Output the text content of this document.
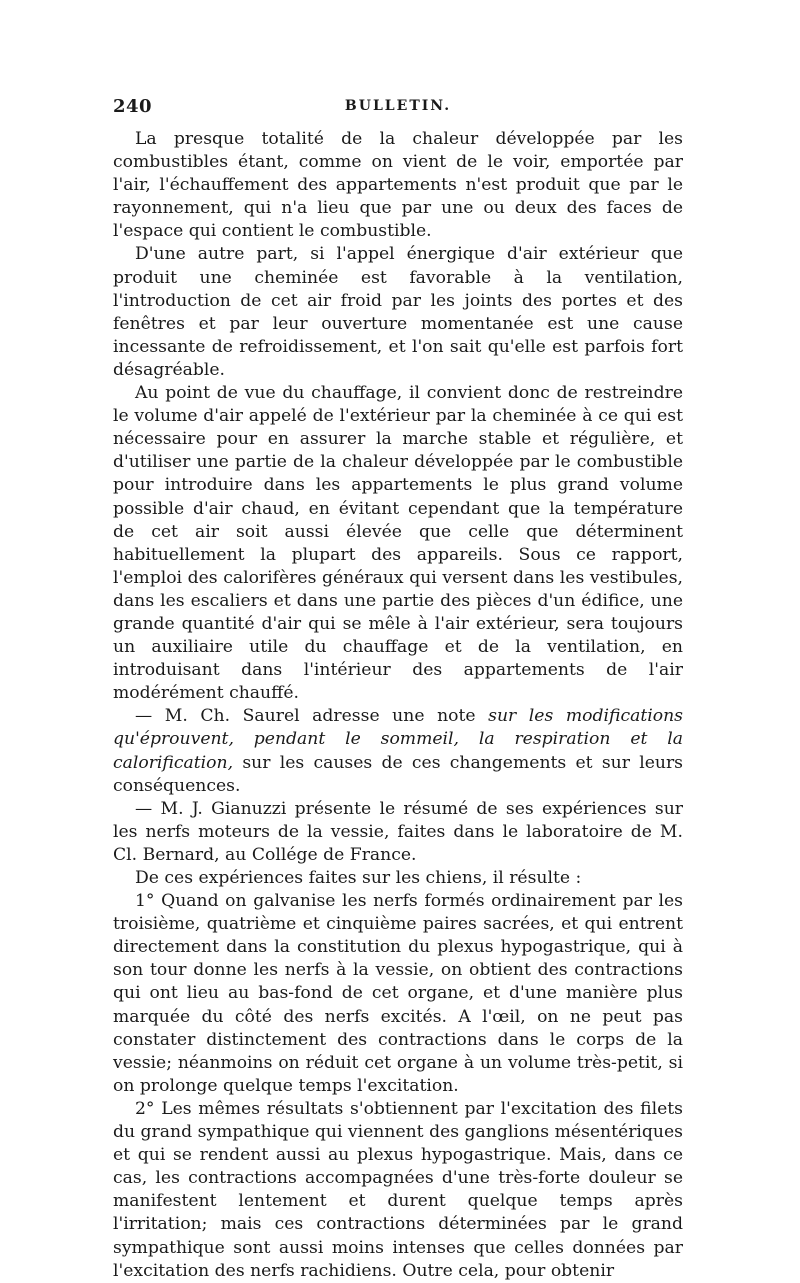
240	BULLETIN.

La presque totalité de la chaleur développée par les combustibles étant, comme on vient de le voir, emportée par l'air, l'échauffement des appartements n'est produit que par le rayonnement, qui n'a lieu que par une ou deux des faces de l'espace qui contient le combustible.

D'une autre part, si l'appel énergique d'air extérieur que produit une cheminée est favorable à la ventilation, l'introduction de cet air froid par les joints des portes et des fenêtres et par leur ouverture momentanée est une cause incessante de refroidissement, et l'on sait qu'elle est parfois fort désagréable.

Au point de vue du chauffage, il convient donc de restreindre le volume d'air appelé de l'extérieur par la cheminée à ce qui est nécessaire pour en assurer la marche stable et régulière, et d'utiliser une partie de la chaleur développée par le combustible pour introduire dans les appartements le plus grand volume possible d'air chaud, en évitant cependant que la température de cet air soit aussi élevée que celle que déterminent habituellement la plupart des appareils. Sous ce rapport, l'emploi des calorifères généraux qui versent dans les vestibules, dans les escaliers et dans une partie des pièces d'un édifice, une grande quantité d'air qui se mêle à l'air extérieur, sera toujours un auxiliaire utile du chauffage et de la ventilation, en introduisant dans l'intérieur des appartements de l'air modérément chauffé.

— M. Ch. Saurel adresse une note sur les modifications qu'éprouvent, pendant le sommeil, la respiration et la calorification, sur les causes de ces changements et sur leurs conséquences.

— M. J. Gianuzzi présente le résumé de ses expériences sur les nerfs moteurs de la vessie, faites dans le laboratoire de M. Cl. Bernard, au Collége de France.

De ces expériences faites sur les chiens, il résulte :

1° Quand on galvanise les nerfs formés ordinairement par les troisième, quatrième et cinquième paires sacrées, et qui entrent directement dans la constitution du plexus hypogastrique, qui à son tour donne les nerfs à la vessie, on obtient des contractions qui ont lieu au bas-fond de cet organe, et d'une manière plus marquée du côté des nerfs excités. A l'œil, on ne peut pas constater distinctement des contractions dans le corps de la vessie; néanmoins on réduit cet organe à un volume très-petit, si on prolonge quelque temps l'excitation.

2° Les mêmes résultats s'obtiennent par l'excitation des filets du grand sympathique qui viennent des ganglions mésentériques et qui se rendent aussi au plexus hypogastrique. Mais, dans ce cas, les contractions accompagnées d'une très-forte douleur se manifestent lentement et durent quelque temps après l'irritation; mais ces contractions déterminées par le grand sympathique sont aussi moins intenses que celles données par l'excitation des nerfs rachidiens. Outre cela, pour obtenir
